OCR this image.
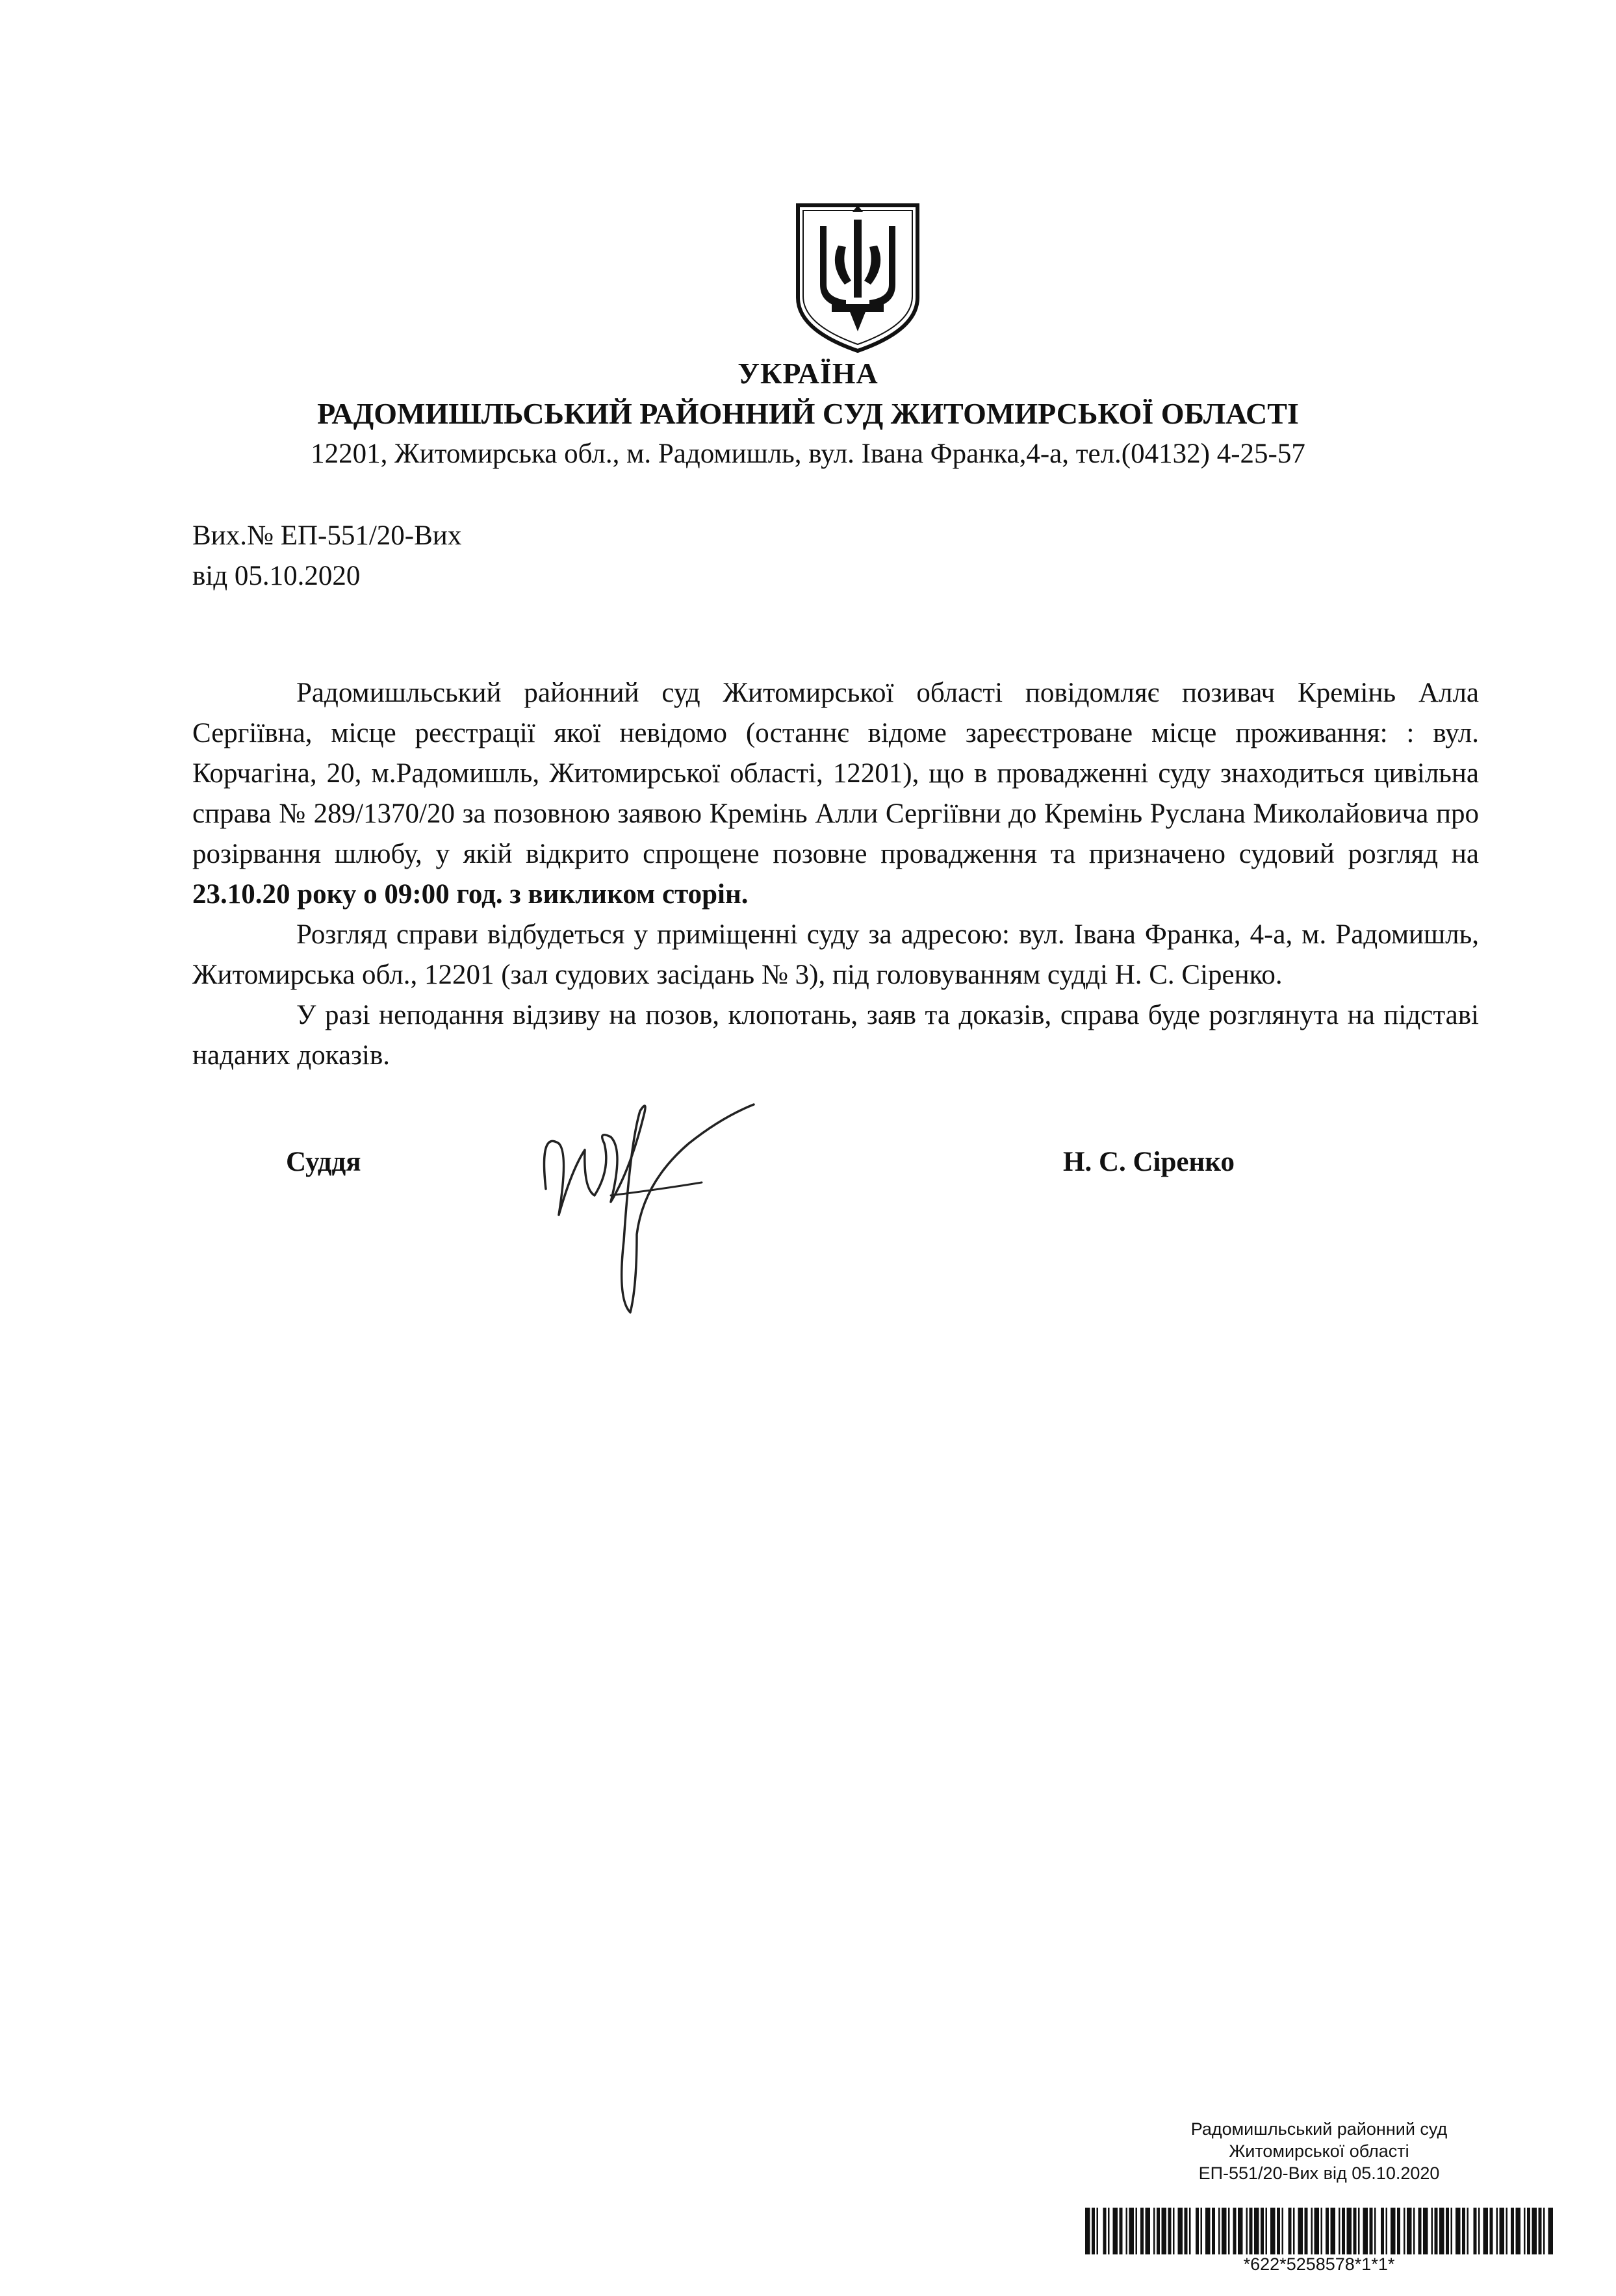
УКРАЇНА
РАДОМИШЛЬСЬКИЙ РАЙОННИЙ СУД ЖИТОМИРСЬКОЇ ОБЛАСТІ
12201, Житомирська обл., м. Радомишль, вул. Івана Франка,4-а, тел.(04132) 4-25-57
Вих.№ ЕП-551/20-Вих
від 05.10.2020

Радомишльський районний суд Житомирської області повідомляє позивач Кремінь Алла Сергіївна, місце реєстрації якої невідомо (останнє відоме зареєстроване місце проживання: : вул. Корчагіна, 20, м.Радомишль, Житомирської області, 12201), що в провадженні суду знаходиться цивільна справа № 289/1370/20 за позовною заявою Кремінь Алли Сергіївни до Кремінь Руслана Миколайовича про розірвання шлюбу, у якій відкрито спрощене позовне провадження та призначено судовий розгляд на 23.10.20 року о 09:00 год. з викликом сторін.

Розгляд справи відбудеться у приміщенні суду за адресою: вул. Івана Франка, 4-а, м. Радомишль, Житомирська обл., 12201 (зал судових засідань № 3), під головуванням судді Н. С. Сіренко.

У разі неподання відзиву на позов, клопотань, заяв та доказів, справа буде розглянута на підставі наданих доказів.

Суддя	Н. С. Сіренко
Радомишльський районний суд
Житомирської області
ЕП-551/20-Вих від 05.10.2020
*622*5258578*1*1*
